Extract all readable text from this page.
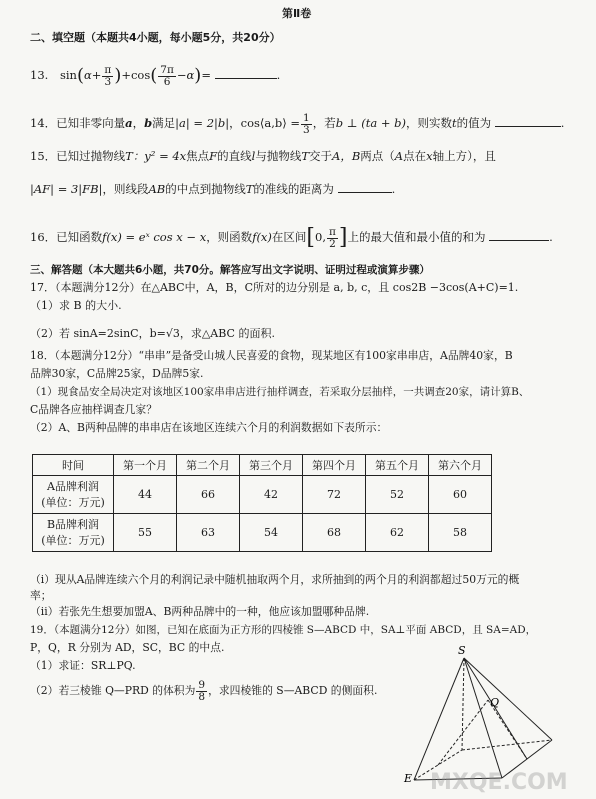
第Ⅱ卷
二、填空题（本题共4小题，每小题5分，共20分）
13. $\sin(\alpha+ \frac{\pi}{3} )+\cos( \frac{7\pi}{6} -\alpha)=$	.
14．已知非零向量a，b满足|a| = 2|b|，cos⟨a,b⟩ = $\frac{1}{3}$ ，若b ⊥ (ta + b)，则实数t的值为	.
15．已知过抛物线T：y² = 4x焦点F的直线l与抛物线T交于A，B两点（A点在x轴上方），且
|AF| = 3|FB|，则线段AB的中点到抛物线T的准线的距离为	.
16．已知函数f(x) = eˣ cos x − x，则函数f(x)在区间[0, $\frac{\pi}{2}$ ]上的最大值和最小值的和为	.
三、解答题（本大题共6小题，共70分。解答应写出文字说明、证明过程或演算步骤）
17．（本题满分12分）在△ABC中，A，B，C所对的边分别是 a, b, c，且 cos2B −3cos(A+C)=1.
（1）求 B 的大小.
（2）若 sinA=2sinC，b=√3，求△ABC 的面积.
18．（本题满分12分）“串串”是备受山城人民喜爱的食物，现某地区有100家串串店，A品牌40家，B
品牌30家，C品牌25家，D品牌5家.
（1）现食品安全局决定对该地区100家串串店进行抽样调查，若采取分层抽样，一共调查20家，请计算B、
C品牌各应抽样调查几家？
（2）A、B两种品牌的串串店在该地区连续六个月的利润数据如下表所示：
时间	第一个月	第二个月	第三个月	第四个月	第五个月	第六个月
A品牌利润
(单位：万元)	44	66	42	72	52	60
B品牌利润
(单位：万元)	55	63	54	68	62	58
（i）现从A品牌连续六个月的利润记录中随机抽取两个月，求所抽到的两个月的利润都超过50万元的概
率；
（ii）若张先生想要加盟A、B两种品牌中的一种，他应该加盟哪种品牌.
19．（本题满分12分）如图，已知在底面为正方形的四棱锥 S—ABCD 中，SA⊥平面 ABCD，且 SA=AD，
P，Q，R 分别为 AD，SC，BC 的中点.
（1）求证：SR⊥PQ.
（2）若三棱锥 Q—PRD 的体积为 $\frac{9}{8}$ ，求四棱锥的 S—ABCD 的侧面积.
S
Q
E MXQE.COM
